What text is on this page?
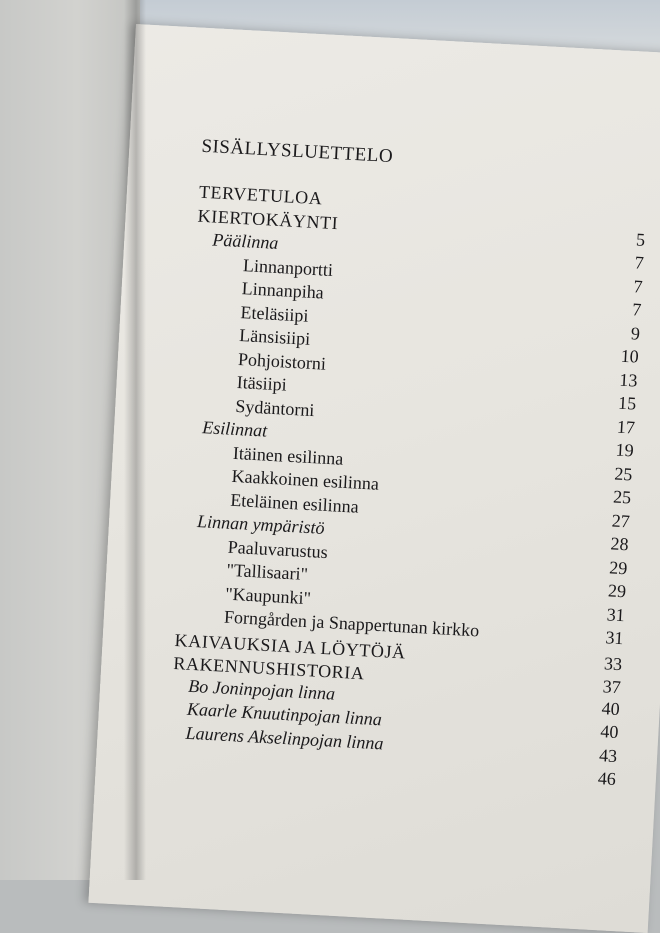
SISÄLLYSLUETTELO
TERVETULOA
KIERTOKÄYNTI
5
Päälinna
7
Linnanportti
7
Linnanpiha
7
Eteläsiipi
9
Länsisiipi
10
Pohjoistorni
13
Itäsiipi
15
Sydäntorni
17
Esilinnat
19
Itäinen esilinna
25
Kaakkoinen esilinna
25
Eteläinen esilinna
27
Linnan ympäristö
28
Paaluvarustus
29
"Tallisaari"
29
"Kaupunki"
31
Forngården ja Snappertunan kirkko	31
KAIVAUKSIA JA LÖYTÖJÄ
33
RAKENNUSHISTORIA
37
Bo Joninpojan linna
40
Kaarle Knuutinpojan linna
40
Laurens Akselinpojan linna
43
46
